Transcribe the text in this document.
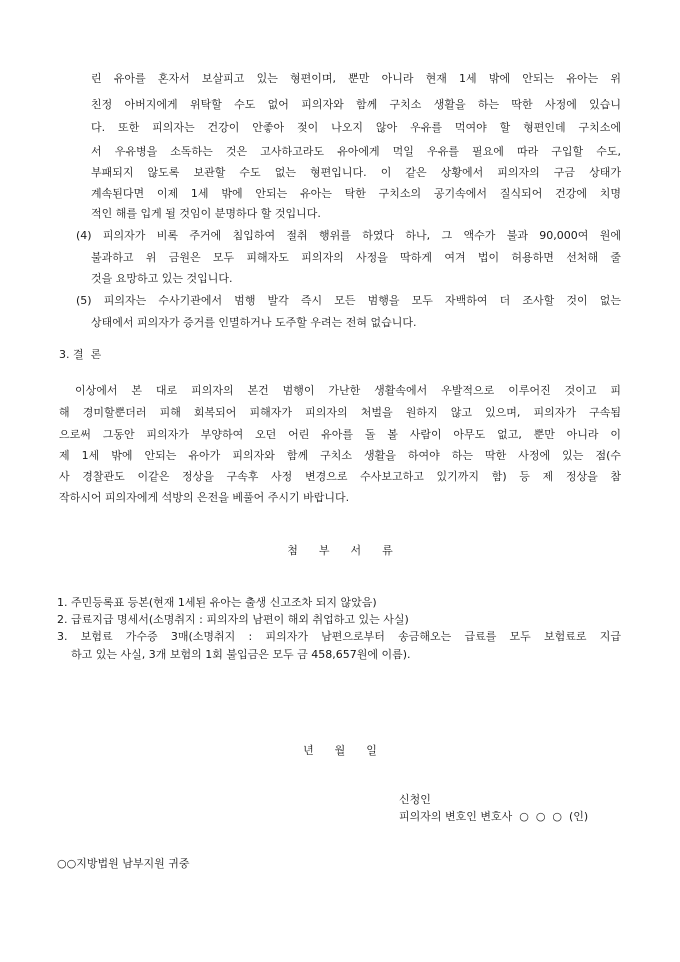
린 유아를 혼자서 보살피고 있는 형편이며, 뿐만 아니라 현재 1세 밖에 안되는 유아는 위
친정 아버지에게 위탁할 수도 없어 피의자와 함께 구치소 생활을 하는 딱한 사정에 있습니
다. 또한 피의자는 건강이 안좋아 젖이 나오지 않아 우유를 먹여야 할 형편인데 구치소에
서 우유병을 소독하는 것은 고사하고라도 유아에게 먹일 우유를 필요에 따라 구입할 수도,
부패되지 않도록 보관할 수도 없는 형편입니다. 이 같은 상황에서 피의자의 구금 상태가
계속된다면 이제 1세 밖에 안되는 유아는 탁한 구치소의 공기속에서 질식되어 건강에 치명
적인 해를 입게 될 것임이 분명하다 할 것입니다.
(4) 피의자가 비록 주거에 침입하여 절취 행위를 하였다 하나, 그 액수가 불과 90,000여 원에
불과하고 위 금원은 모두 피해자도 피의자의 사정을 딱하게 여겨 법이 허용하면 선처해 줄
것을 요망하고 있는 것입니다.
(5) 피의자는 수사기관에서 범행 발각 즉시 모든 범행을 모두 자백하여 더 조사할 것이 없는
상태에서 피의자가 증거를 인멸하거나 도주할 우려는 전혀 없습니다.
3. 결  론
이상에서 본 대로 피의자의 본건 범행이 가난한 생활속에서 우발적으로 이루어진 것이고 피
해 경미할뿐더러 피해 회복되어 피해자가 피의자의 처벌을 원하지 않고 있으며, 피의자가 구속됨
으로써 그동안 피의자가 부양하여 오던 어린 유아를 돌 볼 사람이 아무도 없고, 뿐만 아니라 이
제 1세 밖에 안되는 유아가 피의자와 함께 구치소 생활을 하여야 하는 딱한 사정에 있는 점(수
사 경찰관도 이같은 정상을 구속후 사정 변경으로 수사보고하고 있기까지 함) 등 제 정상을 참
작하시어 피의자에게 석방의 은전을 베풀어 주시기 바랍니다.
첨      부      서      류
1. 주민등록표 등본(현재 1세된 유아는 출생 신고조차 되지 않았음)
2. 급료지급 명세서(소명취지 : 피의자의 남편이 해외 취업하고 있는 사실)
3. 보험료 가수증 3매(소명취지 : 피의자가 남편으로부터 송금해오는 급료를 모두 보험료로 지급
하고 있는 사실, 3개 보험의 1회 불입금은 모두 금 458,657원에 이름).
년      월      일
신청인
피의자의 변호인 변호사  ○  ○  ○  (인)
○○지방법원 남부지원 귀중
